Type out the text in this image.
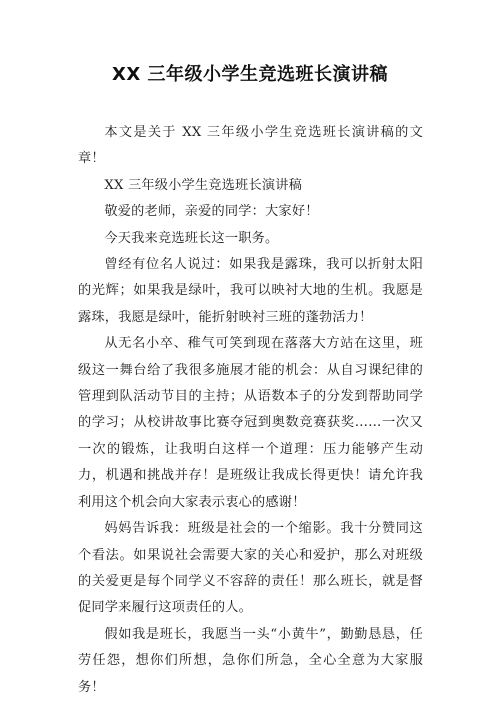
XX 三年级小学生竞选班长演讲稿

本文是关于 XX 三年级小学生竞选班长演讲稿的文章！

XX 三年级小学生竞选班长演讲稿

敬爱的老师，亲爱的同学：大家好！

今天我来竞选班长这一职务。

曾经有位名人说过：如果我是露珠，我可以折射太阳的光辉；如果我是绿叶，我可以映衬大地的生机。我愿是露珠，我愿是绿叶，能折射映衬三班的蓬勃活力！

从无名小卒、稚气可笑到现在落落大方站在这里，班级这一舞台给了我很多施展才能的机会：从自习课纪律的管理到队活动节目的主持；从语数本子的分发到帮助同学的学习；从校讲故事比赛夺冠到奥数竞赛获奖……一次又一次的锻炼，让我明白这样一个道理：压力能够产生动力，机遇和挑战并存！是班级让我成长得更快！请允许我利用这个机会向大家表示衷心的感谢！

妈妈告诉我：班级是社会的一个缩影。我十分赞同这个看法。如果说社会需要大家的关心和爱护，那么对班级的关爱更是每个同学义不容辞的责任！那么班长，就是督促同学来履行这项责任的人。

假如我是班长，我愿当一头“小黄牛”，勤勤恳恳，任劳任怨，想你们所想，急你们所急，全心全意为大家服务！
